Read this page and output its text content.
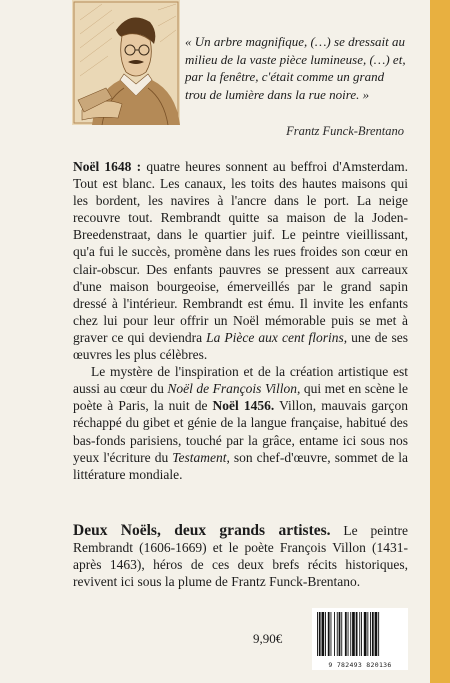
« Un arbre magnifique, (…) se dressait au milieu de la vaste pièce lumineuse, (…) et, par la fenêtre, c'était comme un grand trou de lumière dans la rue noire. »
Frantz Funck-Brentano

Noël 1648 : quatre heures sonnent au beffroi d'Amsterdam. Tout est blanc. Les canaux, les toits des hautes maisons qui les bordent, les navires à l'ancre dans le port. La neige recouvre tout. Rembrandt quitte sa maison de la Joden-Breedenstraat, dans le quartier juif. Le peintre vieillissant, qu'a fui le succès, promène dans les rues froides son cœur en clair-obscur. Des enfants pauvres se pressent aux carreaux d'une maison bourgeoise, émerveillés par le grand sapin dressé à l'intérieur. Rembrandt est ému. Il invite les enfants chez lui pour leur offrir un Noël mémorable puis se met à graver ce qui deviendra La Pièce aux cent florins, une de ses œuvres les plus célèbres.

Le mystère de l'inspiration et de la création artistique est aussi au cœur du Noël de François Villon, qui met en scène le poète à Paris, la nuit de Noël 1456. Villon, mauvais garçon réchappé du gibet et génie de la langue française, habitué des bas-fonds parisiens, touché par la grâce, entame ici sous nos yeux l'écriture du Testament, son chef-d'œuvre, sommet de la littérature mondiale.

Deux Noëls, deux grands artistes. Le peintre Rembrandt (1606-1669) et le poète François Villon (1431-après 1463), héros de ces deux brefs récits historiques, revivent ici sous la plume de Frantz Funck-Brentano.
9,90€
9 782493 820136
